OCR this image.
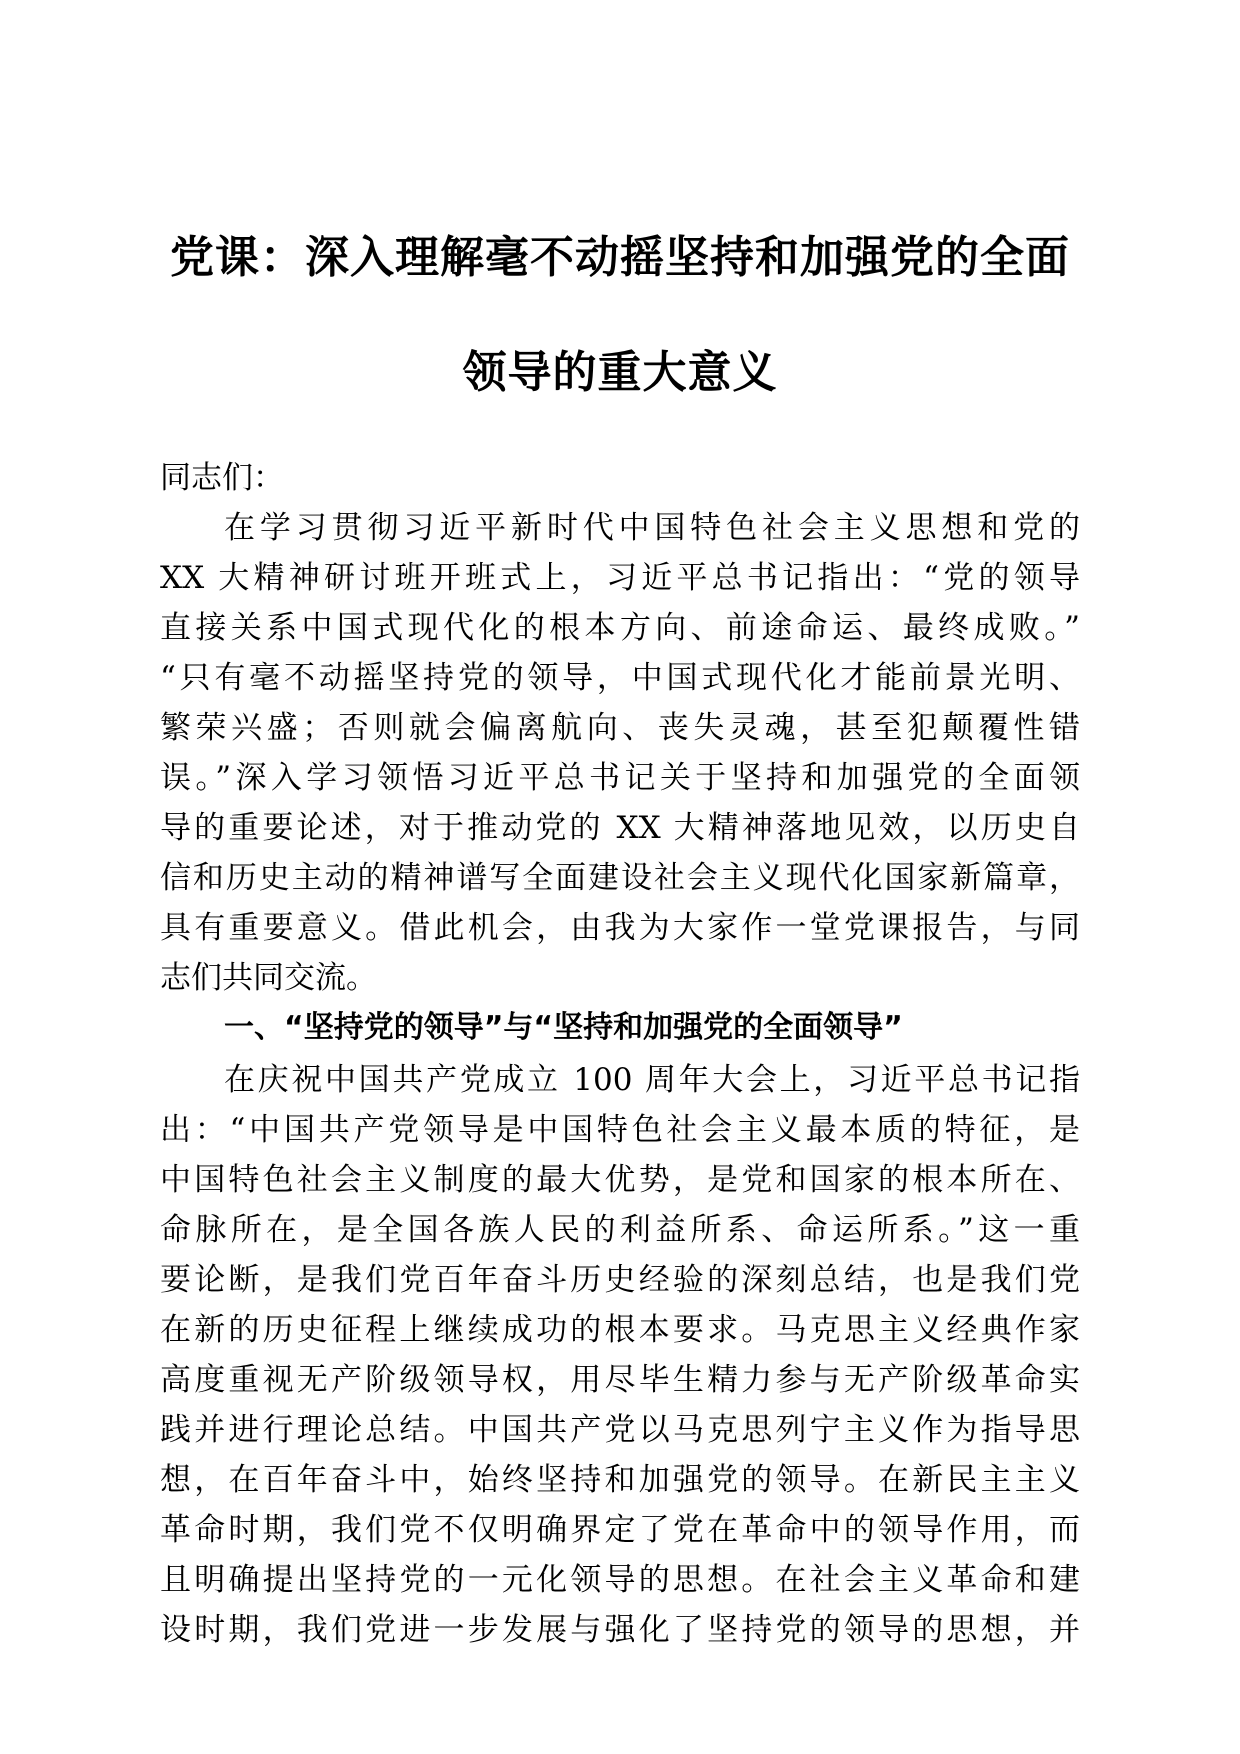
党课：深入理解毫不动摇坚持和加强党的全面
领导的重大意义
同志们：
在学习贯彻习近平新时代中国特色社会主义思想和党的
XX 大精神研讨班开班式上，习近平总书记指出：“党的领导
直接关系中国式现代化的根本方向、前途命运、最终成败。”
“只有毫不动摇坚持党的领导，中国式现代化才能前景光明、
繁荣兴盛；否则就会偏离航向、丧失灵魂，甚至犯颠覆性错
误。”深入学习领悟习近平总书记关于坚持和加强党的全面领
导的重要论述，对于推动党的 XX 大精神落地见效，以历史自
信和历史主动的精神谱写全面建设社会主义现代化国家新篇章，
具有重要意义。借此机会，由我为大家作一堂党课报告，与同
志们共同交流。
一、“坚持党的领导”与“坚持和加强党的全面领导”
在庆祝中国共产党成立 100 周年大会上，习近平总书记指
出：“中国共产党领导是中国特色社会主义最本质的特征，是
中国特色社会主义制度的最大优势，是党和国家的根本所在、
命脉所在，是全国各族人民的利益所系、命运所系。”这一重
要论断，是我们党百年奋斗历史经验的深刻总结，也是我们党
在新的历史征程上继续成功的根本要求。马克思主义经典作家
高度重视无产阶级领导权，用尽毕生精力参与无产阶级革命实
践并进行理论总结。中国共产党以马克思列宁主义作为指导思
想，在百年奋斗中，始终坚持和加强党的领导。在新民主主义
革命时期，我们党不仅明确界定了党在革命中的领导作用，而
且明确提出坚持党的一元化领导的思想。在社会主义革命和建
设时期，我们党进一步发展与强化了坚持党的领导的思想，并
